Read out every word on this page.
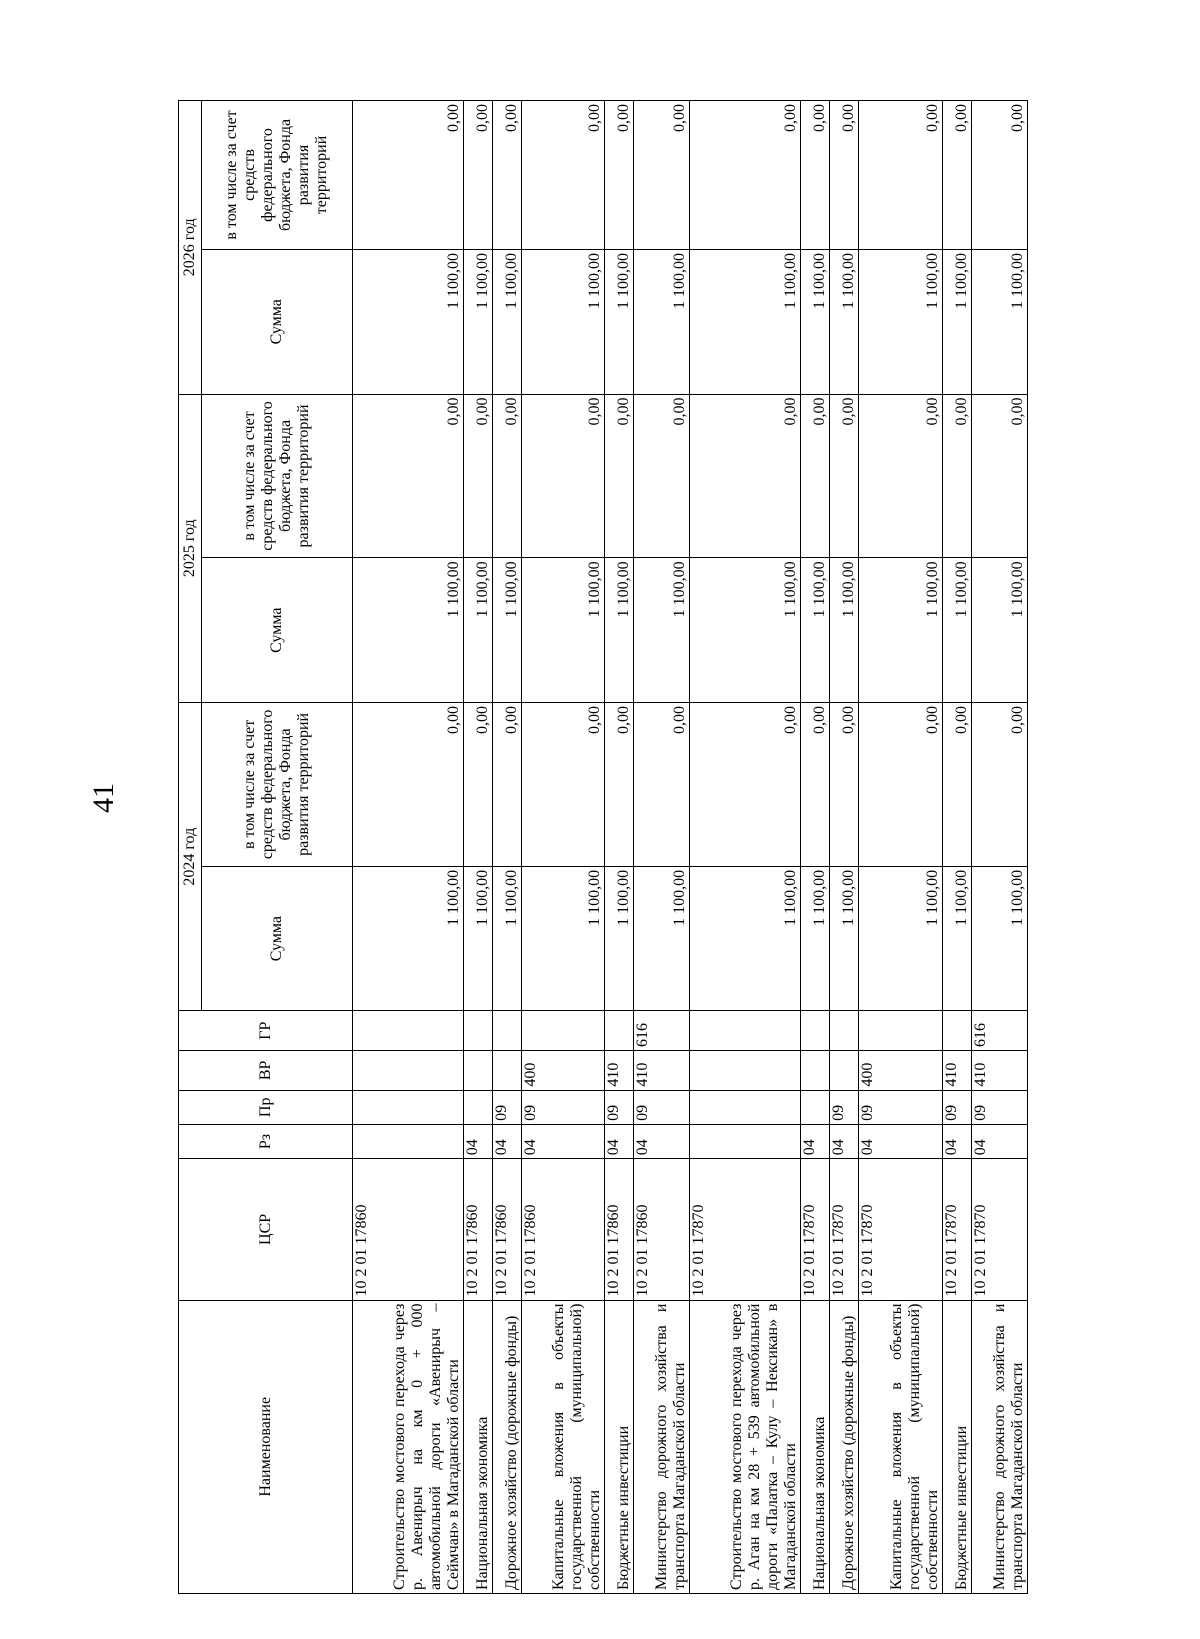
41
Наименование	ЦСР	Рз	Пр	ВР	ГР	2024 год		2025 год		2026 год	
						Сумма	в том числе за счет средств федерального бюджета, Фонда развития территорий	Сумма	в том числе за счет средств федерального бюджета, Фонда развития территорий	Сумма	в том числе за счет средств федерального бюджета, Фонда развития территорий
Строительство мостового перехода через р. Авенирыч на км 0 + 000 автомобильной дороги «Авенирыч – Сеймчан» в Магаданской области	10 2 01 17860					1 100,00	0,00	1 100,00	0,00	1 100,00	0,00
Национальная экономика	10 2 01 17860	04				1 100,00	0,00	1 100,00	0,00	1 100,00	0,00
Дорожное хозяйство (дорожные фонды)	10 2 01 17860	04	09			1 100,00	0,00	1 100,00	0,00	1 100,00	0,00
Капитальные вложения в объекты государственной (муниципальной) собственности	10 2 01 17860	04	09	400		1 100,00	0,00	1 100,00	0,00	1 100,00	0,00
Бюджетные инвестиции	10 2 01 17860	04	09	410		1 100,00	0,00	1 100,00	0,00	1 100,00	0,00
Министерство дорожного хозяйства и транспорта Магаданской области	10 2 01 17860	04	09	410	616	1 100,00	0,00	1 100,00	0,00	1 100,00	0,00
Строительство мостового перехода через р. Аган на км 28 + 539 автомобильной дороги «Палатка – Кулу – Нексикан» в Магаданской области	10 2 01 17870					1 100,00	0,00	1 100,00	0,00	1 100,00	0,00
Национальная экономика	10 2 01 17870	04				1 100,00	0,00	1 100,00	0,00	1 100,00	0,00
Дорожное хозяйство (дорожные фонды)	10 2 01 17870	04	09			1 100,00	0,00	1 100,00	0,00	1 100,00	0,00
Капитальные вложения в объекты государственной (муниципальной) собственности	10 2 01 17870	04	09	400		1 100,00	0,00	1 100,00	0,00	1 100,00	0,00
Бюджетные инвестиции	10 2 01 17870	04	09	410		1 100,00	0,00	1 100,00	0,00	1 100,00	0,00
Министерство дорожного хозяйства и транспорта Магаданской области	10 2 01 17870	04	09	410	616	1 100,00	0,00	1 100,00	0,00	1 100,00	0,00
